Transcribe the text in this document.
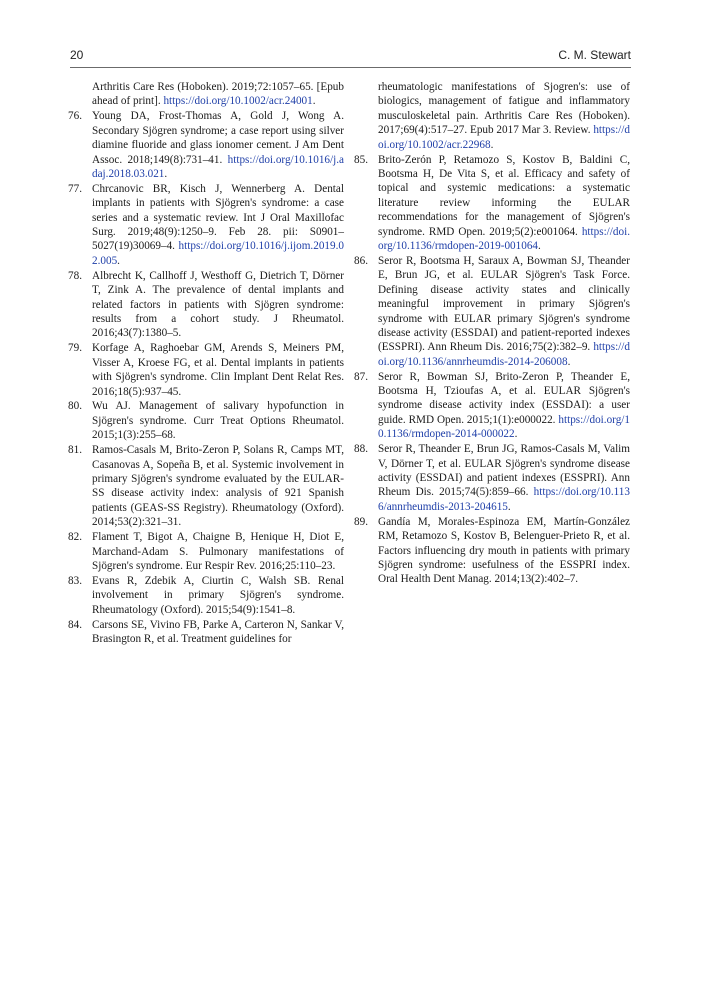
20	C. M. Stewart

Arthritis Care Res (Hoboken). 2019;72:1057–65. [Epub ahead of print]. https://doi.org/10.1002/acr.24001.

76. Young DA, Frost-Thomas A, Gold J, Wong A. Secondary Sjögren syndrome; a case report using silver diamine fluoride and glass ionomer cement. J Am Dent Assoc. 2018;149(8):731–41. https://doi.org/10.1016/j.adaj.2018.03.021.

77. Chrcanovic BR, Kisch J, Wennerberg A. Dental implants in patients with Sjögren's syndrome: a case series and a systematic review. Int J Oral Maxillofac Surg. 2019;48(9):1250–9. Feb 28. pii: S0901–5027(19)30069–4. https://doi.org/10.1016/j.ijom.2019.02.005.

78. Albrecht K, Callhoff J, Westhoff G, Dietrich T, Dörner T, Zink A. The prevalence of dental implants and related factors in patients with Sjögren syndrome: results from a cohort study. J Rheumatol. 2016;43(7):1380–5.

79. Korfage A, Raghoebar GM, Arends S, Meiners PM, Visser A, Kroese FG, et al. Dental implants in patients with Sjögren's syndrome. Clin Implant Dent Relat Res. 2016;18(5):937–45.

80. Wu AJ. Management of salivary hypofunction in Sjögren's syndrome. Curr Treat Options Rheumatol. 2015;1(3):255–68.

81. Ramos-Casals M, Brito-Zeron P, Solans R, Camps MT, Casanovas A, Sopeña B, et al. Systemic involvement in primary Sjögren's syndrome evaluated by the EULAR-SS disease activity index: analysis of 921 Spanish patients (GEAS-SS Registry). Rheumatology (Oxford). 2014;53(2):321–31.

82. Flament T, Bigot A, Chaigne B, Henique H, Diot E, Marchand-Adam S. Pulmonary manifestations of Sjögren's syndrome. Eur Respir Rev. 2016;25:110–23.

83. Evans R, Zdebik A, Ciurtin C, Walsh SB. Renal involvement in primary Sjögren's syndrome. Rheumatology (Oxford). 2015;54(9):1541–8.

84. Carsons SE, Vivino FB, Parke A, Carteron N, Sankar V, Brasington R, et al. Treatment guidelines for

rheumatologic manifestations of Sjogren's: use of biologics, management of fatigue and inflammatory musculoskeletal pain. Arthritis Care Res (Hoboken). 2017;69(4):517–27. Epub 2017 Mar 3. Review. https://doi.org/10.1002/acr.22968.

85. Brito-Zerón P, Retamozo S, Kostov B, Baldini C, Bootsma H, De Vita S, et al. Efficacy and safety of topical and systemic medications: a systematic literature review informing the EULAR recommendations for the management of Sjögren's syndrome. RMD Open. 2019;5(2):e001064. https://doi.org/10.1136/rmdopen-2019-001064.

86. Seror R, Bootsma H, Saraux A, Bowman SJ, Theander E, Brun JG, et al. EULAR Sjögren's Task Force. Defining disease activity states and clinically meaningful improvement in primary Sjögren's syndrome with EULAR primary Sjögren's syndrome disease activity (ESSDAI) and patient-reported indexes (ESSPRI). Ann Rheum Dis. 2016;75(2):382–9. https://doi.org/10.1136/annrheumdis-2014-206008.

87. Seror R, Bowman SJ, Brito-Zeron P, Theander E, Bootsma H, Tzioufas A, et al. EULAR Sjögren's syndrome disease activity index (ESSDAI): a user guide. RMD Open. 2015;1(1):e000022. https://doi.org/10.1136/rmdopen-2014-000022.

88. Seror R, Theander E, Brun JG, Ramos-Casals M, Valim V, Dörner T, et al. EULAR Sjögren's syndrome disease activity (ESSDAI) and patient indexes (ESSPRI). Ann Rheum Dis. 2015;74(5):859–66. https://doi.org/10.1136/annrheumdis-2013-204615.

89. Gandía M, Morales-Espinoza EM, Martín-González RM, Retamozo S, Kostov B, Belenguer-Prieto R, et al. Factors influencing dry mouth in patients with primary Sjögren syndrome: usefulness of the ESSPRI index. Oral Health Dent Manag. 2014;13(2):402–7.
